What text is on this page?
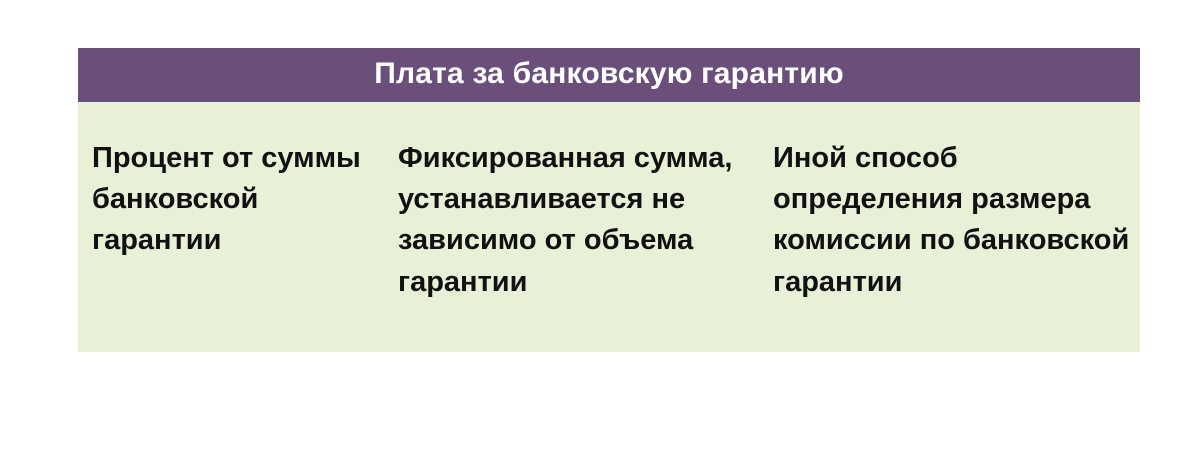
Плата за банковскую гарантию
Процент от суммы банковской гарантии
Фиксированная сумма, устанавливается не зависимо от объема гарантии
Иной способ определения размера комиссии по банковской гарантии
